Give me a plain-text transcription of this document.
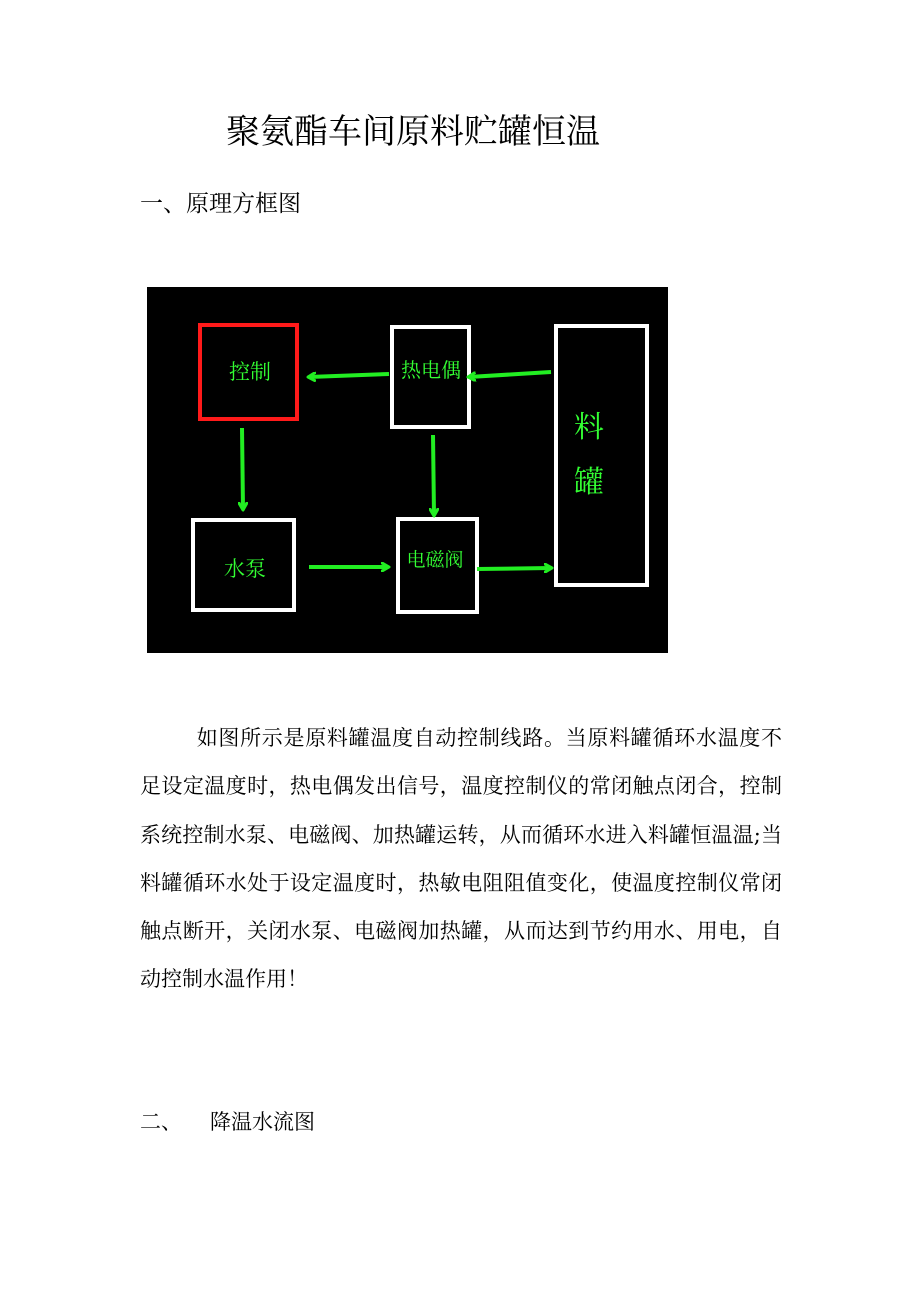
聚氨酯车间原料贮罐恒温
一、原理方框图
控制	热电偶
料
罐
水泵	电磁阀

如图所示是原料罐温度自动控制线路。当原料罐循环水温度不足设定温度时，热电偶发出信号，温度控制仪的常闭触点闭合，控制系统控制水泵、电磁阀、加热罐运转，从而循环水进入料罐恒温温;当料罐循环水处于设定温度时，热敏电阻阻值变化，使温度控制仪常闭触点断开，关闭水泵、电磁阀加热罐，从而达到节约用水、用电，自动控制水温作用！

二、 降温水流图
